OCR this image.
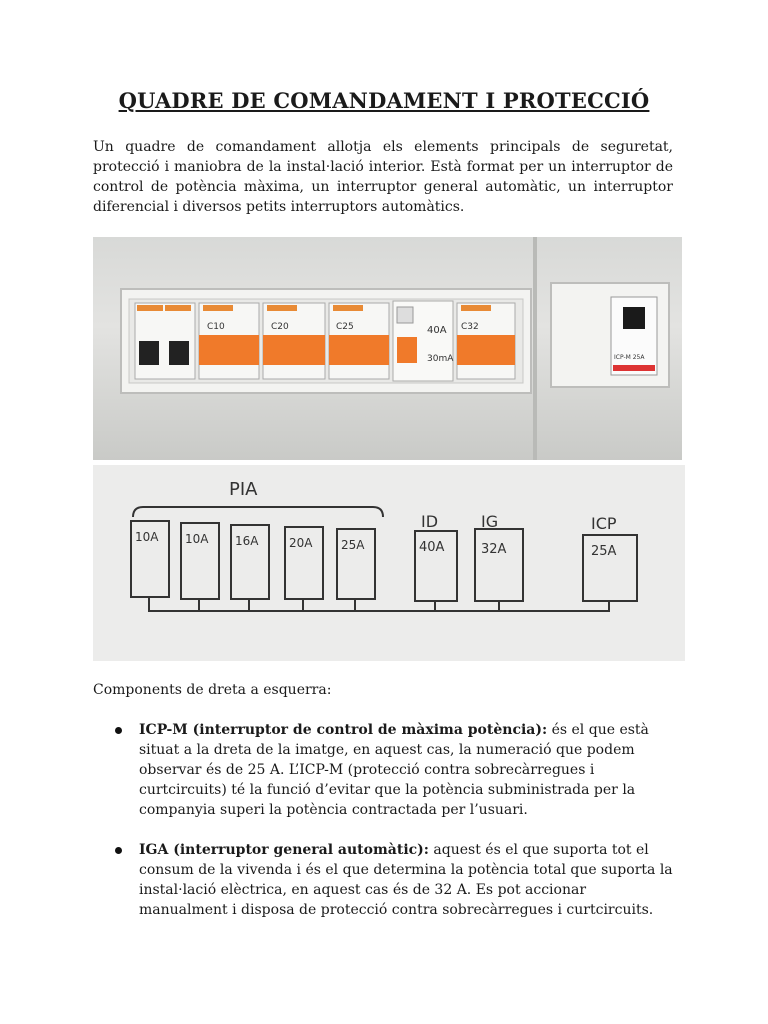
QUADRE DE COMANDAMENT I PROTECCIÓ

Un quadre de comandament allotja els elements principals de seguretat, protecció i maniobra de la instal·lació interior. Està format per un interruptor de control de potència màxima, un interruptor general automàtic, un interruptor diferencial i diversos petits interruptors automàtics.

C10	C20	C25	40A
30mA
C32
ICP-M 25A
PIA
10A 10A 16A	20A 25A
ID
40A
IG
32A
ICP
25A
Components de dreta a esquerra:
ICP-M (interruptor de control de màxima potència): és el que està situat a la dreta de la imatge, en aquest cas, la numeració que podem observar és de 25 A. L’ICP-M (protecció contra sobrecàrregues i curtcircuits) té la funció d’evitar que la potència subministrada per la companyia superi la potència contractada per l’usuari.
IGA (interruptor general automàtic): aquest és el que suporta tot el consum de la vivenda i és el que determina la potència total que suporta la instal·lació elèctrica, en aquest cas és de 32 A. Es pot accionar manualment i disposa de protecció contra sobrecàrregues i curtcircuits.
